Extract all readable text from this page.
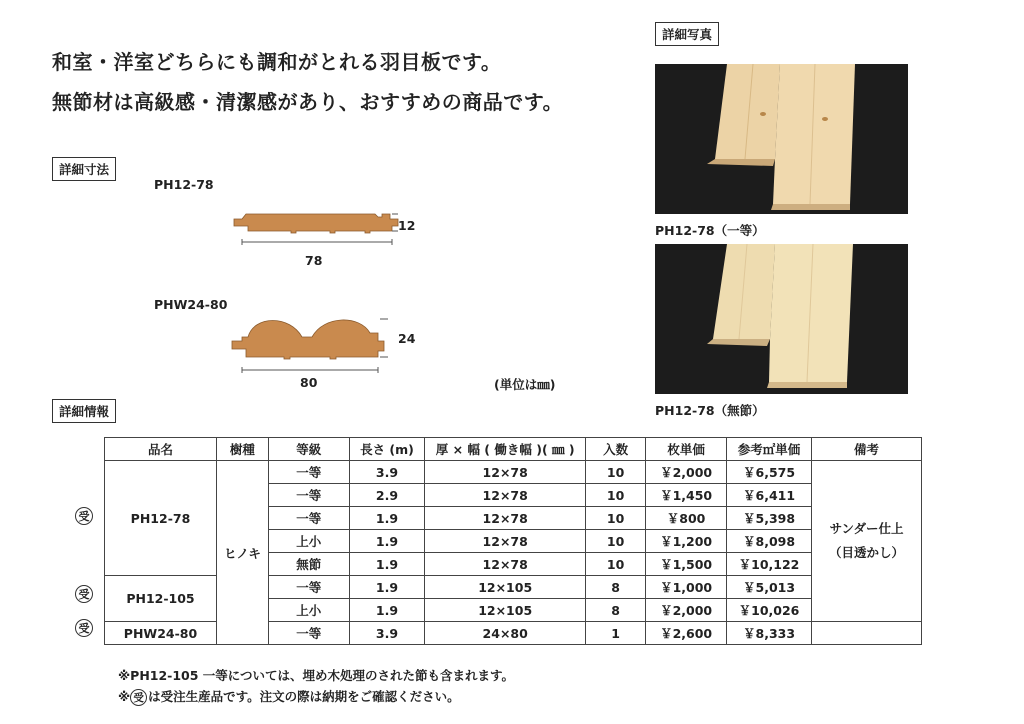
和室・洋室どちらにも調和がとれる羽目板です。
無節材は高級感・清潔感があり、おすすめの商品です。
詳細寸法
PH12-78
12
78
PHW24-80
24
80	(単位は㎜)
詳細写真
PH12-78（一等）
PH12-78（無節）
詳細情報
品名	樹種	等級	長さ (m)	厚 × 幅 ( 働き幅 )( ㎜ )	入数	枚単価	参考㎡単価	備考
PH12-78	ヒノキ	一等	3.9	12×78	10	￥2,000	￥6,575	サンダー仕上
（目透かし）

		一等	2.9	12×78	10	￥1,450	￥6,411	
		一等	1.9	12×78	10	￥800	￥5,398	
		上小	1.9	12×78	10	￥1,200	￥8,098	
		無節	1.9	12×78	10	￥1,500	￥10,122	
PH12-105		一等	1.9	12×105	8	￥1,000	￥5,013	
		上小	1.9	12×105	8	￥2,000	￥10,026	
PHW24-80		一等	3.9	24×80	1	￥2,600	￥8,333	
受
受
受
※PH12-105 一等については、埋め木処理のされた節も含まれます。
※ 受 は受注生産品です。注文の際は納期をご確認ください。
